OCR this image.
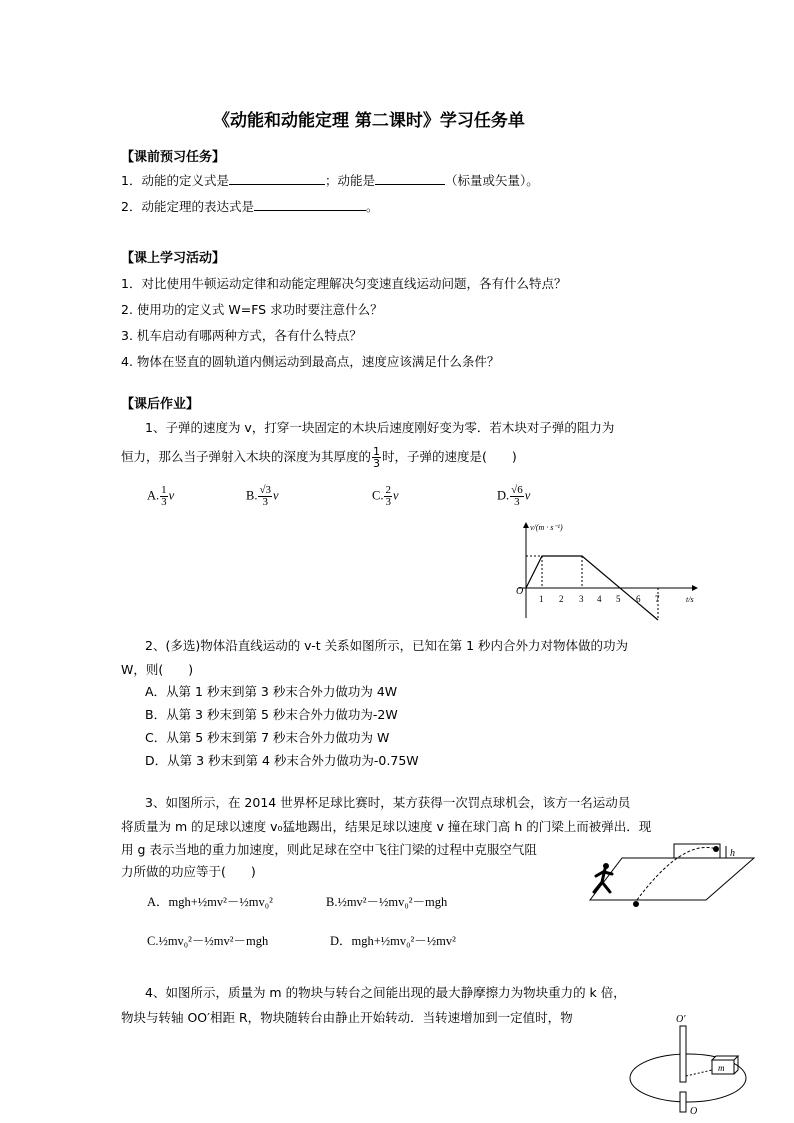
《动能和动能定理 第二课时》学习任务单
【课前预习任务】
1．动能的定义式是	；动能是	（标量或矢量）。
2．动能定理的表达式是	。
【课上学习活动】
1．对比使用牛顿运动定律和动能定理解决匀变速直线运动问题，各有什么特点？
2. 使用功的定义式 W=FS 求功时要注意什么？
3. 机车启动有哪两种方式，各有什么特点？
4. 物体在竖直的圆轨道内侧运动到最高点，速度应该满足什么条件？
【课后作业】
1、子弹的速度为 v，打穿一块固定的木块后速度刚好变为零．若木块对子弹的阻力为
恒力，那么当子弹射入木块的深度为其厚度的 $\frac{1}{3}$ 时，子弹的速度是(　　)
A. $\frac{1}{3}$ v	B. $\frac{√3}{3}$ v	C. $\frac{2}{3}$ v	D. $\frac{√6}{3}$ v
v/(m · s⁻¹)
t/s
O
1 2 3 4 5 6 7
2、(多选)物体沿直线运动的 v-t 关系如图所示，已知在第 1 秒内合外力对物体做的功为
W，则(　　)
A．从第 1 秒末到第 3 秒末合外力做功为 4W
B．从第 3 秒末到第 5 秒末合外力做功为-2W
C．从第 5 秒末到第 7 秒末合外力做功为 W
D．从第 3 秒末到第 4 秒末合外力做功为-0.75W
3、如图所示，在 2014 世界杯足球比赛时，某方获得一次罚点球机会，该方一名运动员
将质量为 m 的足球以速度 v₀猛地踢出，结果足球以速度 v 撞在球门高 h 的门梁上而被弹出．现
用 g 表示当地的重力加速度，则此足球在空中飞往门梁的过程中克服空气阻
力所做的功应等于(　　)
A．mgh+½mv²－½mv₀²	B.½mv²－½mv₀²－mgh
C.½mv₀²－½mv²－mgh	D．mgh+½mv₀²－½mv²
h
4、如图所示，质量为 m 的物块与转台之间能出现的最大静摩擦力为物块重力的 k 倍，
物块与转轴 OO′相距 R，物块随转台由静止开始转动．当转速增加到一定值时，物
m
O′
O
